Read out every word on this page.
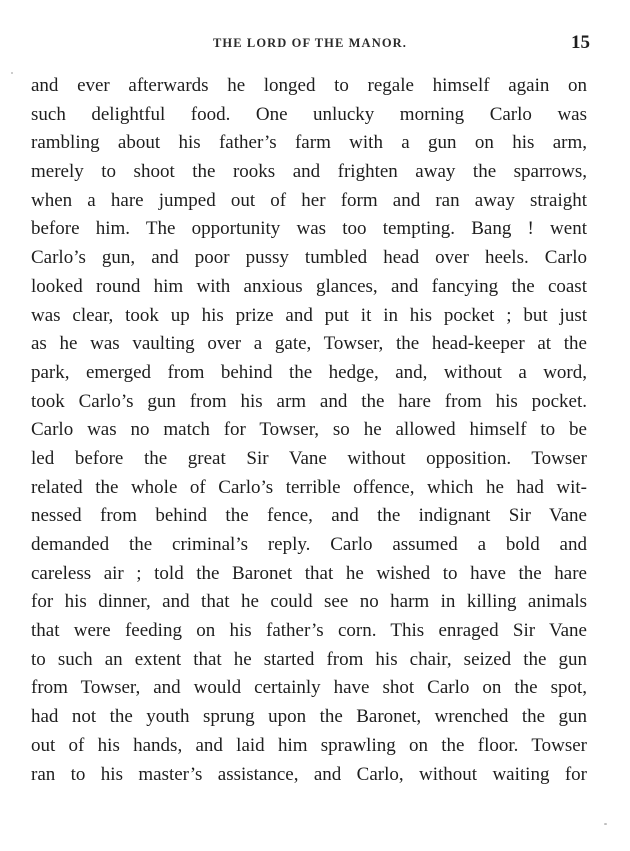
THE LORD OF THE MANOR.	15
and ever afterwards he longed to regale himself again on
such delightful food. One unlucky morning Carlo was
rambling about his father’s farm with a gun on his arm,
merely to shoot the rooks and frighten away the sparrows,
when a hare jumped out of her form and ran away straight
before him. The opportunity was too tempting. Bang ! went
Carlo’s gun, and poor pussy tumbled head over heels. Carlo
looked round him with anxious glances, and fancying the coast
was clear, took up his prize and put it in his pocket ; but just
as he was vaulting over a gate, Towser, the head-keeper at the
park, emerged from behind the hedge, and, without a word,
took Carlo’s gun from his arm and the hare from his pocket.
Carlo was no match for Towser, so he allowed himself to be
led before the great Sir Vane without opposition. Towser
related the whole of Carlo’s terrible offence, which he had wit-
nessed from behind the fence, and the indignant Sir Vane
demanded the criminal’s reply. Carlo assumed a bold and
careless air ; told the Baronet that he wished to have the hare
for his dinner, and that he could see no harm in killing animals
that were feeding on his father’s corn. This enraged Sir Vane
to such an extent that he started from his chair, seized the gun
from Towser, and would certainly have shot Carlo on the spot,
had not the youth sprung upon the Baronet, wrenched the gun
out of his hands, and laid him sprawling on the floor. Towser
ran to his master’s assistance, and Carlo, without waiting for
